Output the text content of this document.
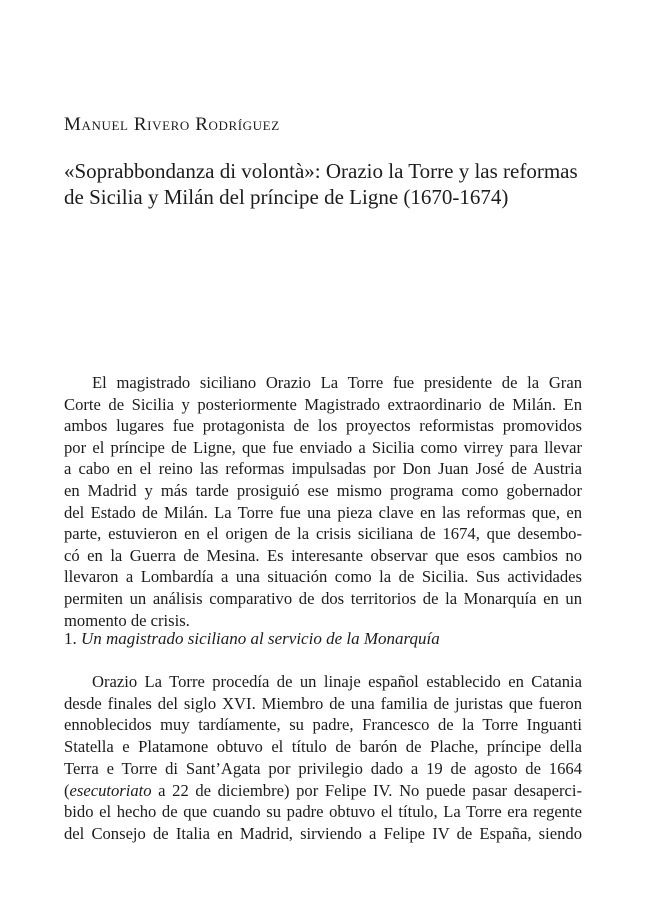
Manuel Rivero Rodríguez
«Soprabbondanza di volontà»: Orazio la Torre y las reformas
de Sicilia y Milán del príncipe de Ligne (1670-1674)
El magistrado siciliano Orazio La Torre fue presidente de la Gran
Corte de Sicilia y posteriormente Magistrado extraordinario de Milán. En
ambos lugares fue protagonista de los proyectos reformistas promovidos
por el príncipe de Ligne, que fue enviado a Sicilia como virrey para llevar
a cabo en el reino las reformas impulsadas por Don Juan José de Austria
en Madrid y más tarde prosiguió ese mismo programa como gobernador
del Estado de Milán. La Torre fue una pieza clave en las reformas que, en
parte, estuvieron en el origen de la crisis siciliana de 1674, que desembo-
có en la Guerra de Mesina. Es interesante observar que esos cambios no
llevaron a Lombardía a una situación como la de Sicilia. Sus actividades
permiten un análisis comparativo de dos territorios de la Monarquía en un
momento de crisis.
1. Un magistrado siciliano al servicio de la Monarquía
Orazio La Torre procedía de un linaje español establecido en Catania
desde finales del siglo XVI. Miembro de una familia de juristas que fueron
ennoblecidos muy tardíamente, su padre, Francesco de la Torre Inguanti
Statella e Platamone obtuvo el título de barón de Plache, príncipe della
Terra e Torre di Sant’Agata por privilegio dado a 19 de agosto de 1664
(esecutoriato a 22 de diciembre) por Felipe IV. No puede pasar desaperci-
bido el hecho de que cuando su padre obtuvo el título, La Torre era regente
del Consejo de Italia en Madrid, sirviendo a Felipe IV de España, siendo
